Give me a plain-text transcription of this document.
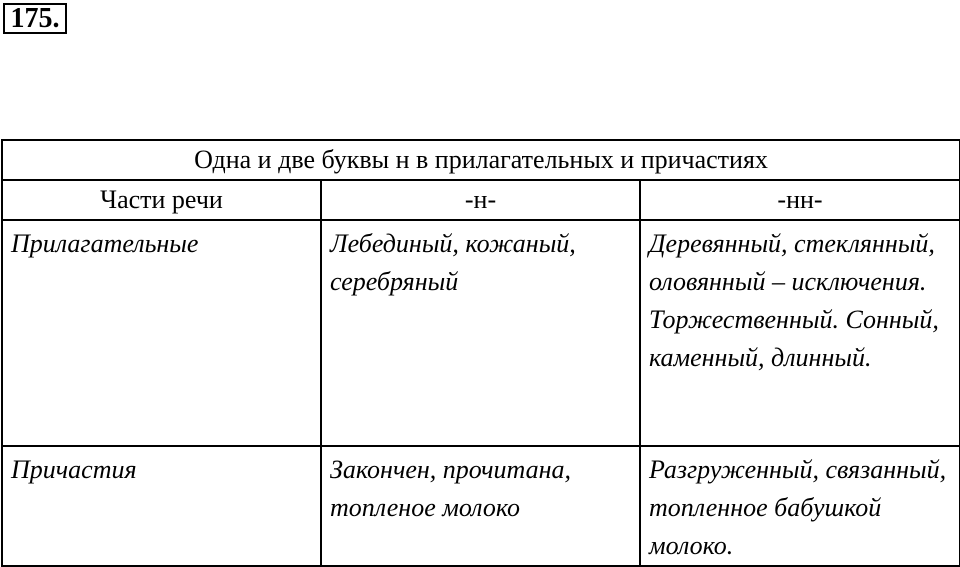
175.
Одна и две буквы н в прилагательных и причастиях		
Части речи	-н-	-нн-
Прилагательные	Лебединый, кожаный, серебряный	Деревянный, стеклянный, оловянный – исключения. Торжественный. Сонный, каменный, длинный.
Причастия	Закончен, прочитана, топленое молоко	Разгруженный, связанный, топленное бабушкой молоко.
